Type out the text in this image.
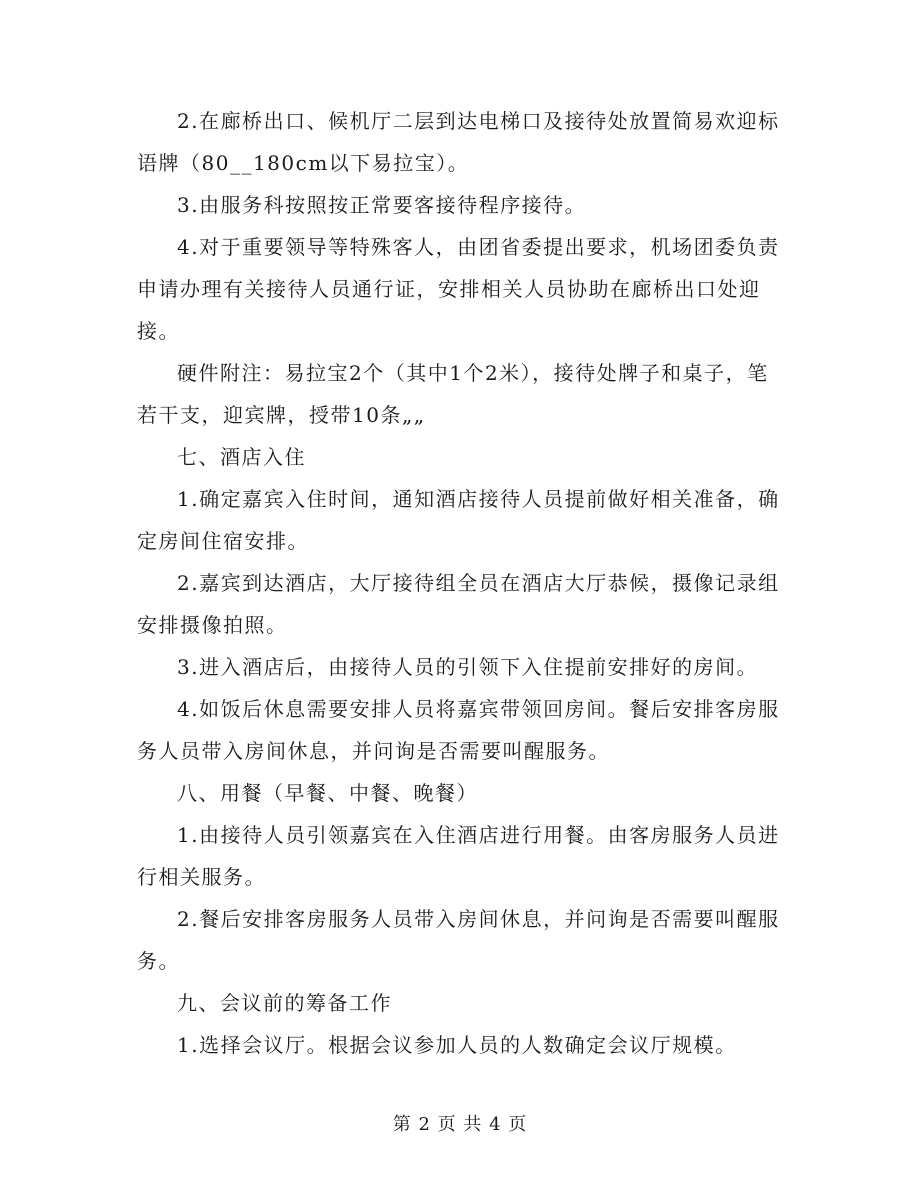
2.在廊桥出口、候机厅二层到达电梯口及接待处放置简易欢迎标语牌（80__180cm以下易拉宝）。

3.由服务科按照按正常要客接待程序接待。

4.对于重要领导等特殊客人，由团省委提出要求，机场团委负责申请办理有关接待人员通行证，安排相关人员协助在廊桥出口处迎接。

硬件附注：易拉宝2个（其中1个2米），接待处牌子和桌子，笔若干支，迎宾牌，授带10条„„

七、酒店入住

1.确定嘉宾入住时间，通知酒店接待人员提前做好相关准备，确定房间住宿安排。

2.嘉宾到达酒店，大厅接待组全员在酒店大厅恭候，摄像记录组安排摄像拍照。

3.进入酒店后，由接待人员的引领下入住提前安排好的房间。

4.如饭后休息需要安排人员将嘉宾带领回房间。餐后安排客房服务人员带入房间休息，并问询是否需要叫醒服务。

八、用餐（早餐、中餐、晚餐）

1.由接待人员引领嘉宾在入住酒店进行用餐。由客房服务人员进行相关服务。

2.餐后安排客房服务人员带入房间休息，并问询是否需要叫醒服务。

九、会议前的筹备工作

1.选择会议厅。根据会议参加人员的人数确定会议厅规模。

第 2 页 共 4 页
